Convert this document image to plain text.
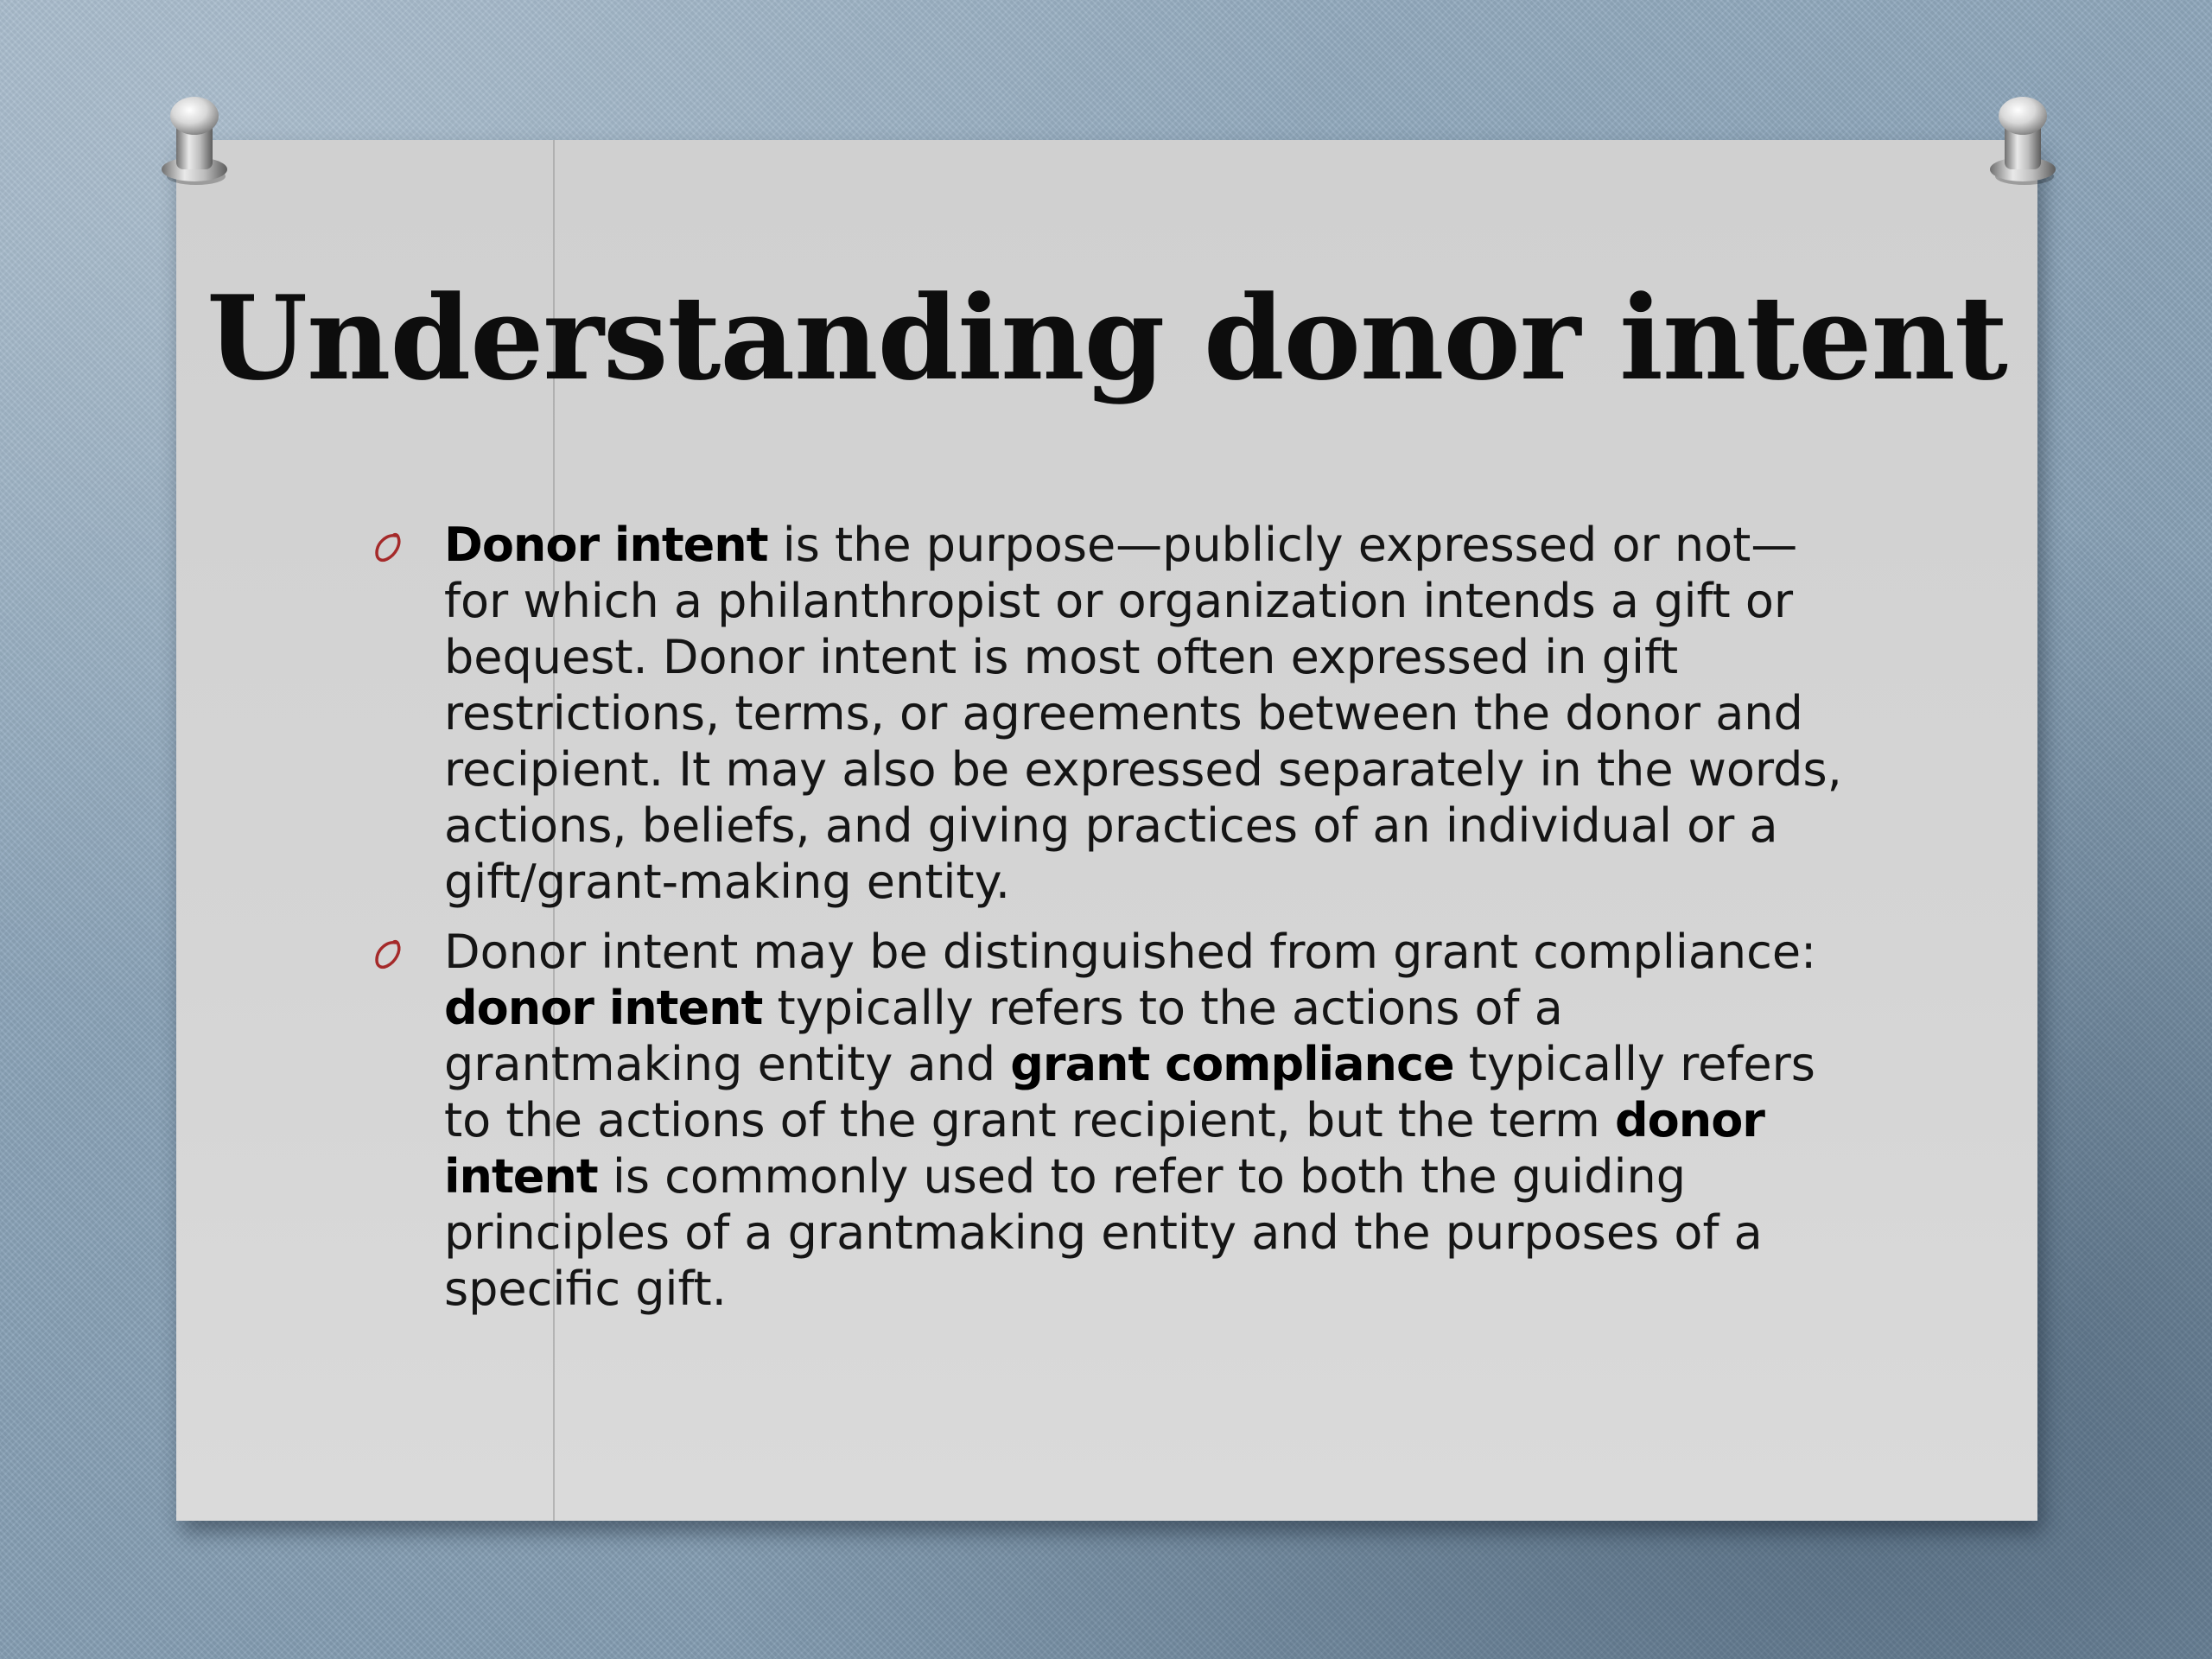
Understanding donor intent
Donor intent is the purpose—publicly expressed or not—for which a philanthropist or organization intends a gift or bequest. Donor intent is most often expressed in gift restrictions, terms, or agreements between the donor and recipient. It may also be expressed separately in the words, actions, beliefs, and giving practices of an individual or a gift/grant-making entity.
Donor intent may be distinguished from grant compliance: donor intent typically refers to the actions of a grantmaking entity and grant compliance typically refers to the actions of the grant recipient, but the term donor intent is commonly used to refer to both the guiding principles of a grantmaking entity and the purposes of a specific gift.
